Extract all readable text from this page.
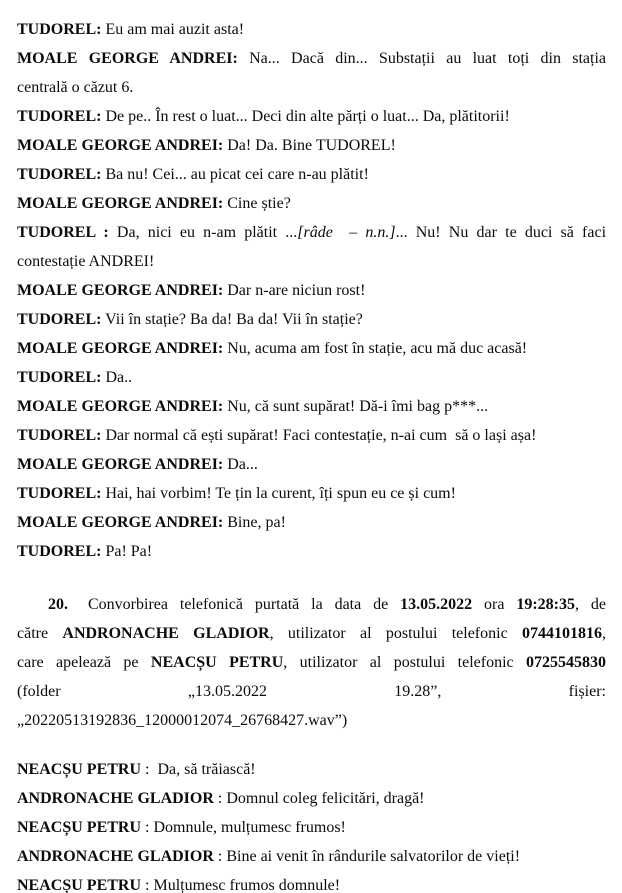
TUDOREL: Eu am mai auzit asta!
MOALE GEORGE ANDREI: Na... Dacă din... Substații au luat toți din stația
centrală o căzut 6.
TUDOREL: De pe.. În rest o luat... Deci din alte părți o luat... Da, plătitorii!
MOALE GEORGE ANDREI: Da! Da. Bine TUDOREL!
TUDOREL: Ba nu! Cei... au picat cei care n-au plătit!
MOALE GEORGE ANDREI: Cine știe?
TUDOREL : Da, nici eu n-am plătit ...[râde  – n.n.]... Nu! Nu dar te duci să faci
contestație ANDREI!
MOALE GEORGE ANDREI: Dar n-are niciun rost!
TUDOREL: Vii în stație? Ba da! Ba da! Vii în stație?
MOALE GEORGE ANDREI: Nu, acuma am fost în stație, acu mă duc acasă!
TUDOREL: Da..
MOALE GEORGE ANDREI: Nu, că sunt supărat! Dă-i îmi bag p***...
TUDOREL: Dar normal că ești supărat! Faci contestație, n-ai cum  să o lași așa!
MOALE GEORGE ANDREI: Da...
TUDOREL: Hai, hai vorbim! Te țin la curent, îți spun eu ce și cum!
MOALE GEORGE ANDREI: Bine, pa!
TUDOREL: Pa! Pa!
20. Convorbirea telefonică purtată la data de 13.05.2022 ora 19:28:35, de
către ANDRONACHE GLADIOR, utilizator al postului telefonic 0744101816,
care apelează pe NEACȘU PETRU, utilizator al postului telefonic 0725545830
(folder „13.05.2022 19.28”, fișier:
„20220513192836_12000012074_26768427.wav”)
NEACȘU PETRU :  Da, să trăiască!
ANDRONACHE GLADIOR : Domnul coleg felicitări, dragă!
NEACȘU PETRU : Domnule, mulțumesc frumos!
ANDRONACHE GLADIOR : Bine ai venit în rândurile salvatorilor de vieți!
NEACȘU PETRU : Mulțumesc frumos domnule!
